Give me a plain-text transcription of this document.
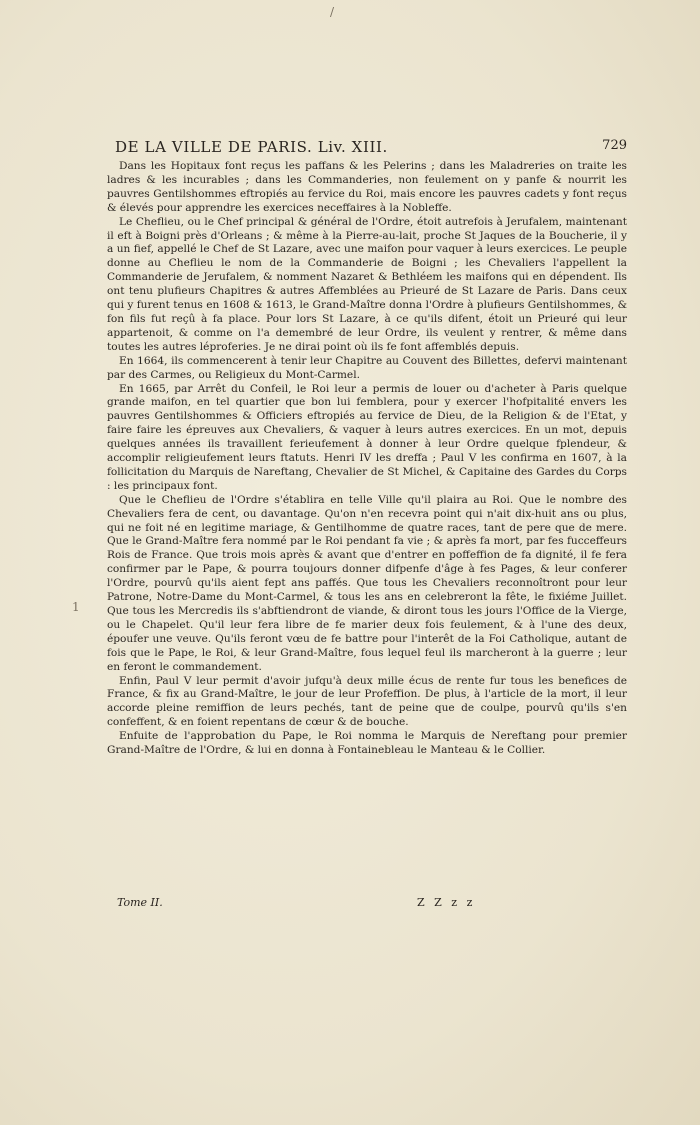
/
1
DE LA VILLE DE PARIS. Liv. XIII.	729

Dans les Hopitaux font reçus les paffans & les Pelerins ; dans les Maladreries on traite les ladres & les incurables ; dans les Commanderies, non feulement on y panfe & nourrit les pauvres Gentilshommes eftropiés au fervice du Roi, mais encore les pauvres cadets y font reçus & élevés pour apprendre les exercices neceffaires à la Nobleffe.

Le Cheflieu, ou le Chef principal & général de l'Ordre, étoit autrefois à Jerufalem, maintenant il eft à Boigni près d'Orleans ; & même à la Pierre-au-lait, proche St Jaques de la Boucherie, il y a un fief, appellé le Chef de St Lazare, avec une maifon pour vaquer à leurs exercices. Le peuple donne au Cheflieu le nom de la Commanderie de Boigni ; les Chevaliers l'appellent la Commanderie de Jerufalem, & nomment Nazaret & Bethléem les maifons qui en dépendent. Ils ont tenu plufieurs Chapitres & autres Affemblées au Prieuré de St Lazare de Paris. Dans ceux qui y furent tenus en 1608 & 1613, le Grand-Maître donna l'Ordre à plufieurs Gentilshommes, & fon fils fut reçû à fa place. Pour lors St Lazare, à ce qu'ils difent, étoit un Prieuré qui leur appartenoit, & comme on l'a demembré de leur Ordre, ils veulent y rentrer, & même dans toutes les autres léproferies. Je ne dirai point où ils fe font affemblés depuis.

En 1664, ils commencerent à tenir leur Chapitre au Couvent des Billettes, defervi maintenant par des Carmes, ou Religieux du Mont-Carmel.

En 1665, par Arrêt du Confeil, le Roi leur a permis de louer ou d'acheter à Paris quelque grande maifon, en tel quartier que bon lui femblera, pour y exercer l'hofpitalité envers les pauvres Gentilshommes & Officiers eftropiés au fervice de Dieu, de la Religion & de l'Etat, y faire faire les épreuves aux Chevaliers, & vaquer à leurs autres exercices. En un mot, depuis quelques années ils travaillent ferieufement à donner à leur Ordre quelque fplendeur, & accomplir religieufement leurs ftatuts. Henri IV les dreffa ; Paul V les confirma en 1607, à la follicitation du Marquis de Nareftang, Chevalier de St Michel, & Capitaine des Gardes du Corps : les principaux font.

Que le Cheflieu de l'Ordre s'établira en telle Ville qu'il plaira au Roi. Que le nombre des Chevaliers fera de cent, ou davantage. Qu'on n'en recevra point qui n'ait dix-huit ans ou plus, qui ne foit né en legitime mariage, & Gentilhomme de quatre races, tant de pere que de mere. Que le Grand-Maître fera nommé par le Roi pendant fa vie ; & après fa mort, par fes fucceffeurs Rois de France. Que trois mois après & avant que d'entrer en poffeffion de fa dignité, il fe fera confirmer par le Pape, & pourra toujours donner difpenfe d'âge à fes Pages, & leur conferer l'Ordre, pourvû qu'ils aient fept ans paffés. Que tous les Chevaliers reconnoîtront pour leur Patrone, Notre-Dame du Mont-Carmel, & tous les ans en celebreront la fête, le fixiéme Juillet. Que tous les Mercredis ils s'abftiendront de viande, & diront tous les jours l'Office de la Vierge, ou le Chapelet. Qu'il leur fera libre de fe marier deux fois feulement, & à l'une des deux, épоufer une veuve. Qu'ils feront vœu de fe battre pour l'interêt de la Foi Catholique, autant de fois que le Pape, le Roi, & leur Grand-Maître, fous lequel feul ils marcheront à la guerre ; leur en feront le commandement.

Enfin, Paul V leur permit d'avoir jufqu'à deux mille écus de rente fur tous les benefices de France, & fix au Grand-Maître, le jour de leur Profeffion. De plus, à l'article de la mort, il leur accorde pleine remiffion de leurs pechés, tant de peine que de coulpe, pourvû qu'ils s'en confeffent, & en foient repentans de cœur & de bouche.

Enfuite de l'approbation du Pape, le Roi nomma le Marquis de Nereftang pour premier Grand-Maître de l'Ordre, & lui en donna à Fontainebleau le Manteau & le Collier.

Tome II.	Z Z z z
